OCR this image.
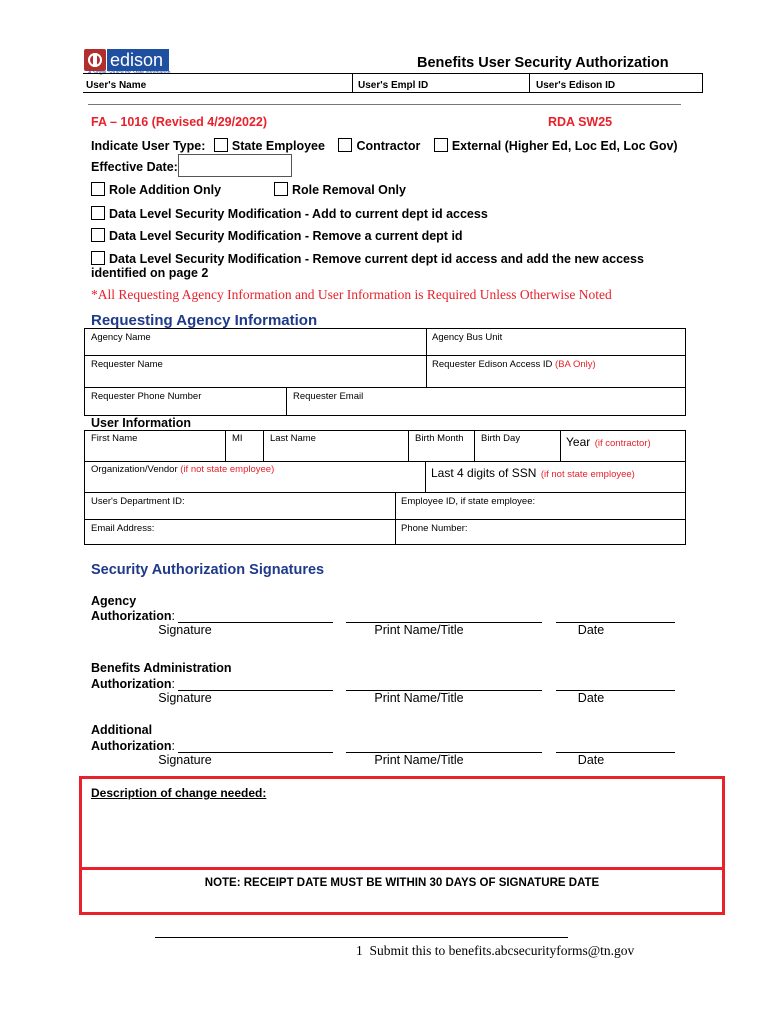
edison
A Single Source for State Information
Benefits User Security Authorization
User's Name	User's Empl ID	User's Edison ID
FA – 1016 (Revised 4/29/2022)	RDA SW25
Indicate User Type: State Employee	Contractor	External (Higher Ed, Loc Ed, Loc Gov)
Effective Date:
Role Addition Only	Role Removal Only
Data Level Security Modification - Add to current dept id access
Data Level Security Modification - Remove a current dept id
Data Level Security Modification - Remove current dept id access and add the new access
identified on page 2
*All Requesting Agency Information and User Information is Required Unless Otherwise Noted
Requesting Agency Information
Agency Name	Agency Bus Unit
Requester Name	Requester Edison Access ID (BA Only)
Requester Phone Number	Requester Email
User Information
First Name	MI	Last Name	Birth Month Birth Day	Year (if contractor)
Organization/Vendor (if not state employee)	Last 4 digits of SSN (if not state employee)
User's Department ID:	Employee ID, if state employee:
Email Address:	Phone Number:
Security Authorization Signatures
Agency
Authorization:
Signature	Print Name/Title	Date
Benefits Administration
Authorization:
Signature	Print Name/Title	Date
Additional
Authorization:
Signature	Print Name/Title	Date
Description of change needed:
NOTE: RECEIPT DATE MUST BE WITHIN 30 DAYS OF SIGNATURE DATE
1 Submit this to benefits.abcsecurityforms@tn.gov
